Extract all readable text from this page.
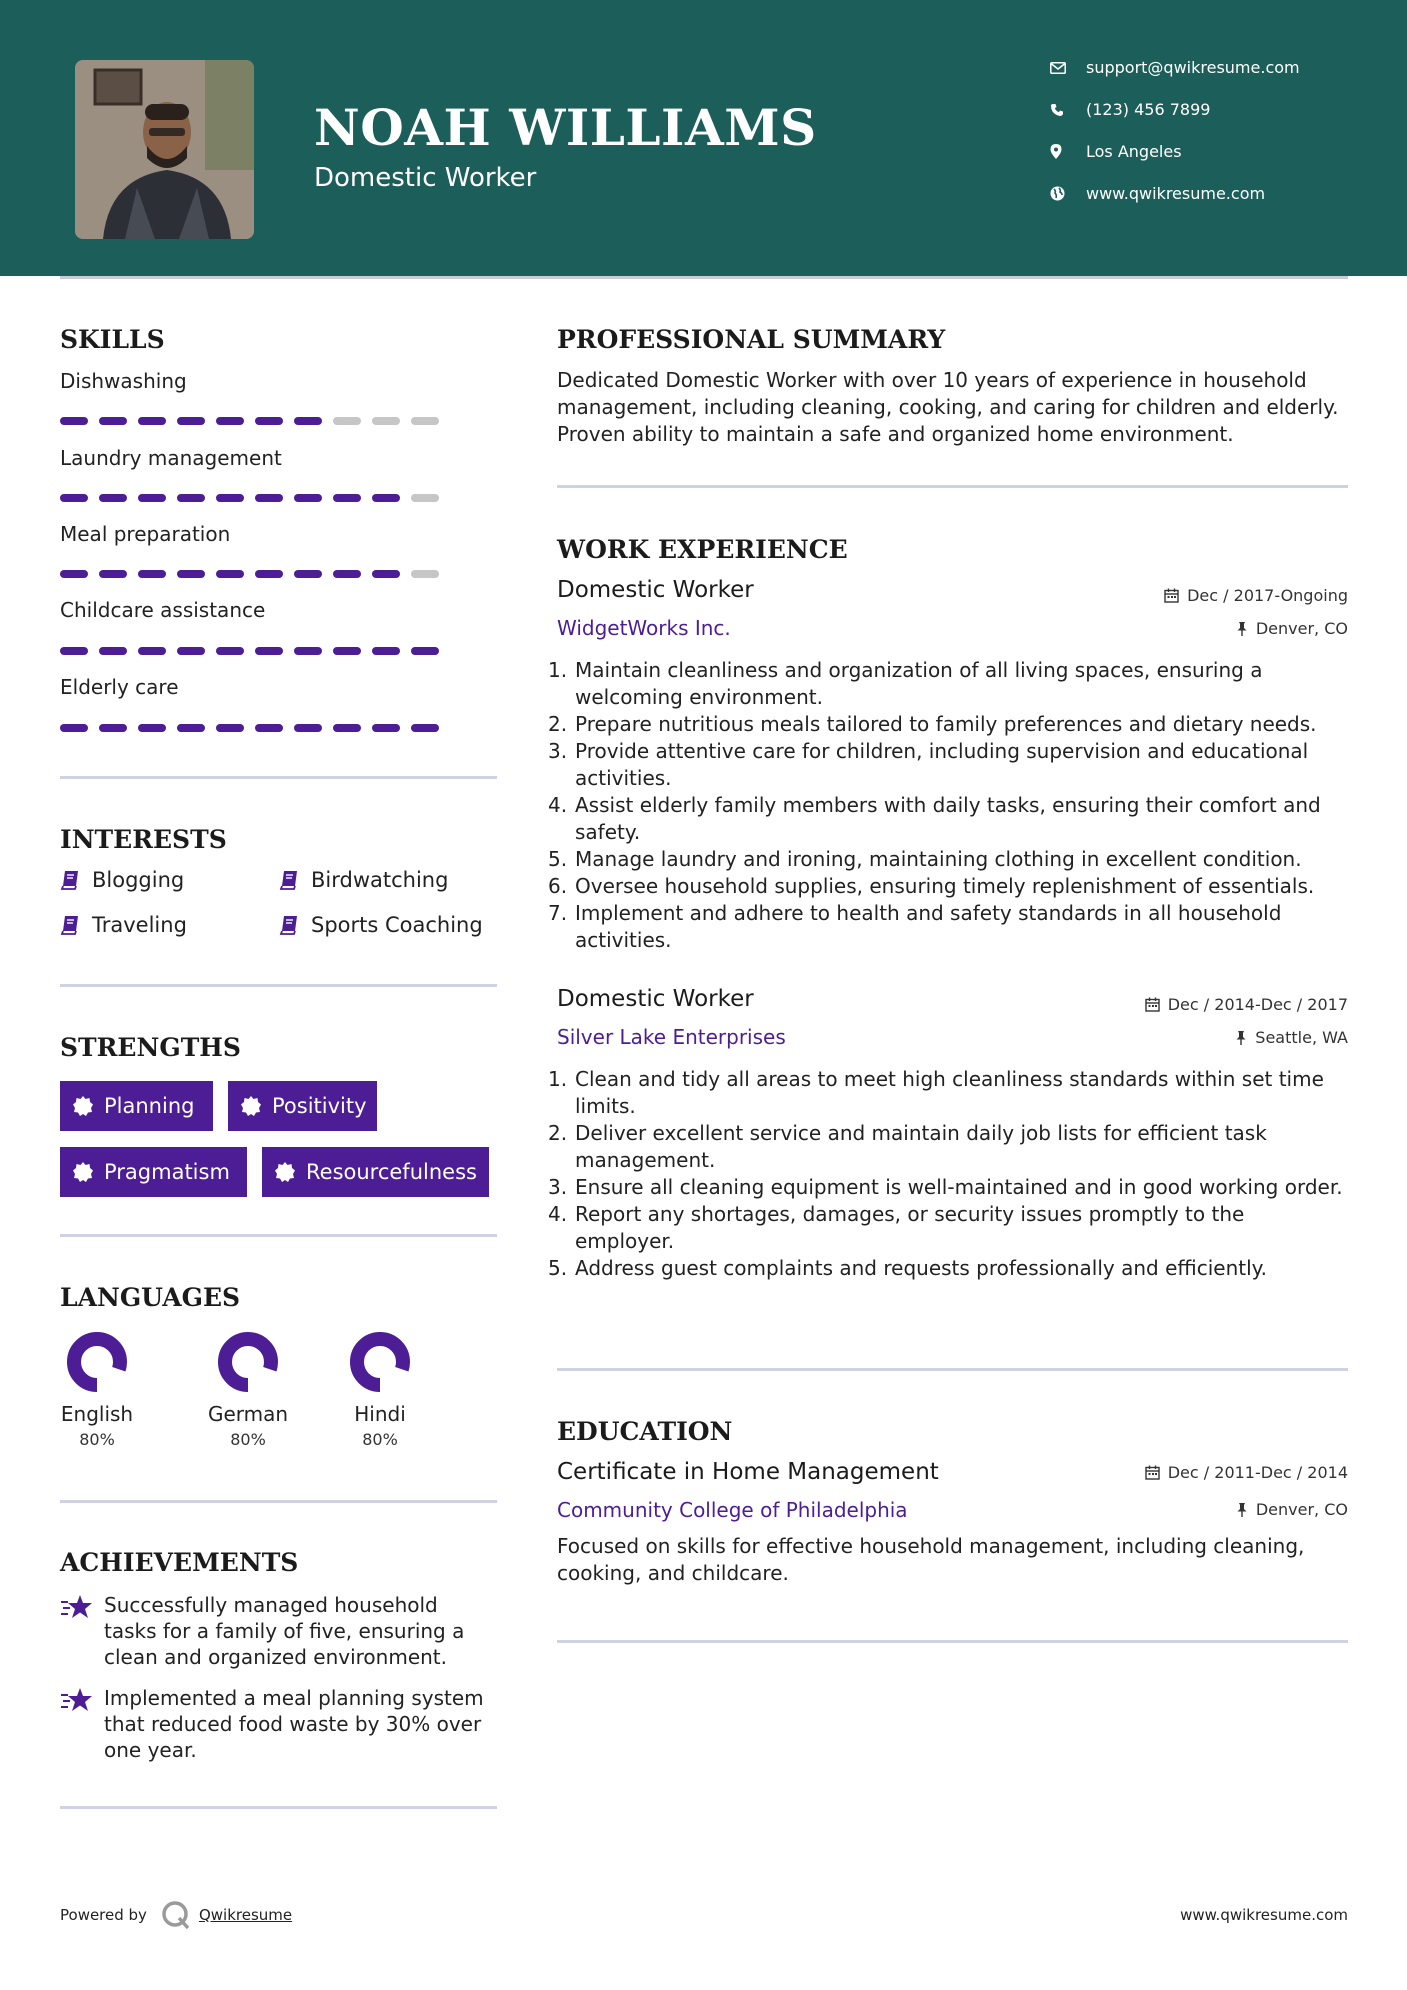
NOAH WILLIAMS
Domestic Worker
support@qwikresume.com
(123) 456 7899
Los Angeles
www.qwikresume.com
SKILLS
Dishwashing
Laundry management
Meal preparation
Childcare assistance
Elderly care
INTERESTS
Blogging	Birdwatching
Traveling	Sports Coaching
STRENGTHS
Planning	Positivity
Pragmatism	Resourcefulness
LANGUAGES
English
80%
German
80%
Hindi
80%
ACHIEVEMENTS
Successfully managed household tasks for a family of five, ensuring a clean and organized environment.
Implemented a meal planning system that reduced food waste by 30% over one year.
PROFESSIONAL SUMMARY
Dedicated Domestic Worker with over 10 years of experience in household management, including cleaning, cooking, and caring for children and elderly. Proven ability to maintain a safe and organized home environment.
WORK EXPERIENCE
Domestic Worker	Dec / 2017-Ongoing
WidgetWorks Inc.	Denver, CO
1. Maintain cleanliness and organization of all living spaces, ensuring a welcoming environment.
2. Prepare nutritious meals tailored to family preferences and dietary needs.
3. Provide attentive care for children, including supervision and educational activities.
4. Assist elderly family members with daily tasks, ensuring their comfort and safety.
5. Manage laundry and ironing, maintaining clothing in excellent condition.
6. Oversee household supplies, ensuring timely replenishment of essentials.
7. Implement and adhere to health and safety standards in all household activities.
Domestic Worker	Dec / 2014-Dec / 2017
Silver Lake Enterprises	Seattle, WA
1. Clean and tidy all areas to meet high cleanliness standards within set time limits.
2. Deliver excellent service and maintain daily job lists for efficient task management.
3. Ensure all cleaning equipment is well-maintained and in good working order.
4. Report any shortages, damages, or security issues promptly to the employer.
5. Address guest complaints and requests professionally and efficiently.
EDUCATION
Certificate in Home Management	Dec / 2011-Dec / 2014
Community College of Philadelphia	Denver, CO
Focused on skills for effective household management, including cleaning, cooking, and childcare.
Powered by	Qwikresume	www.qwikresume.com
